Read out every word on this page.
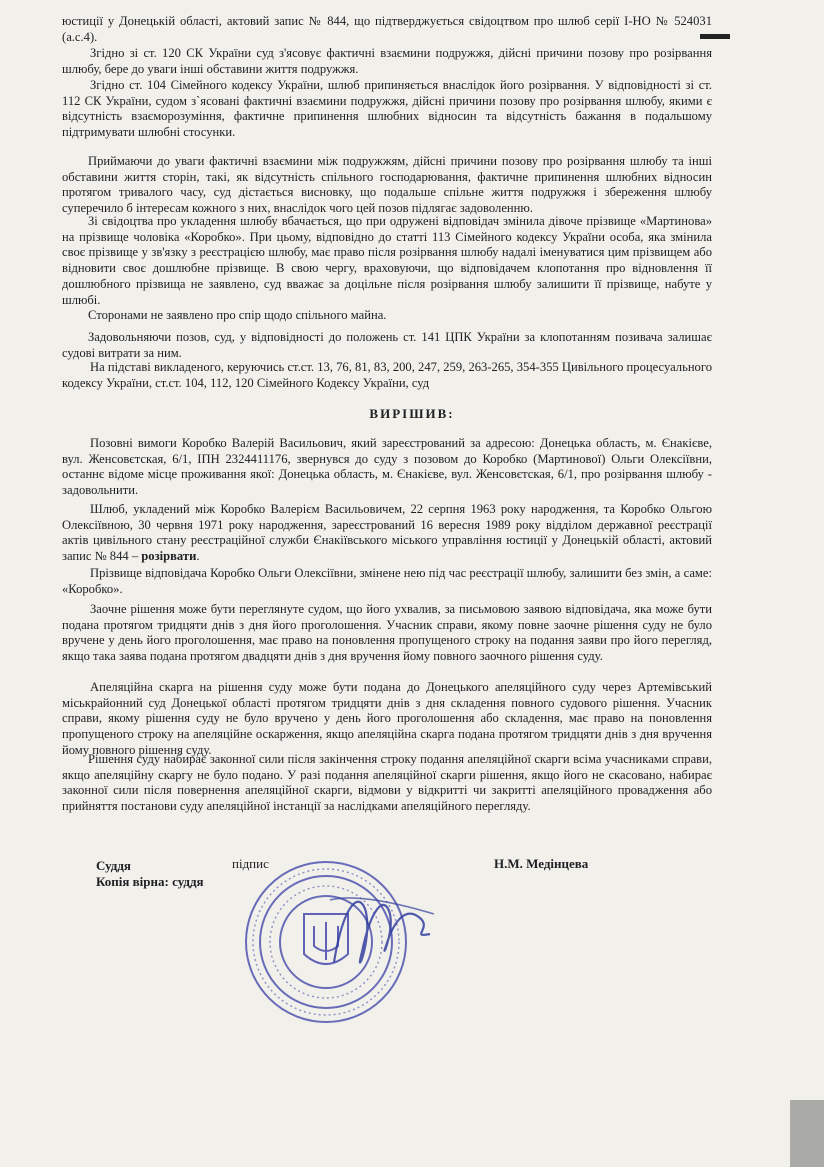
юстиції у Донецькій області, актовий запис № 844, що підтверджується свідоцтвом про шлюб серії І-НО № 524031 (а.с.4).

Згідно зі ст. 120 СК України суд з'ясовує фактичні взаємини подружжя, дійсні причини позову про розірвання шлюбу, бере до уваги інші обставини життя подружжя.

Згідно ст. 104 Сімейного кодексу України, шлюб припиняється внаслідок його розірвання. У відповідності зі ст. 112 СК України, судом з`ясовані фактичні взаємини подружжя, дійсні причини позову про розірвання шлюбу, якими є відсутність взаєморозуміння, фактичне припинення шлюбних відносин та відсутність бажання в подальшому підтримувати шлюбні стосунки.

Приймаючи до уваги фактичні взаємини між подружжям, дійсні причини позову про розірвання шлюбу та інші обставини життя сторін, такі, як відсутність спільного господарювання, фактичне припинення шлюбних відносин протягом тривалого часу, суд дістається висновку, що подальше спільне життя подружжя і збереження шлюбу суперечило б інтересам кожного з них, внаслідок чого цей позов підлягає задоволенню.

Зі свідоцтва про укладення шлюбу вбачається, що при одружені відповідач змінила дівоче прізвище «Мартинова» на прізвище чоловіка «Коробко». При цьому, відповідно до статті 113 Сімейного кодексу України особа, яка змінила своє прізвище у зв'язку з реєстрацією шлюбу, має право після розірвання шлюбу надалі іменуватися цим прізвищем або відновити своє дошлюбне прізвище. В свою чергу, враховуючи, що відповідачем клопотання про відновлення її дошлюбного прізвища не заявлено, суд вважає за доцільне після розірвання шлюбу залишити її прізвище, набуте у шлюбі.

Сторонами не заявлено про спір щодо спільного майна.

Задовольняючи позов, суд, у відповідності до положень ст. 141 ЦПК України за клопотанням позивача залишає судові витрати за ним.

На підставі викладеного, керуючись ст.ст. 13, 76, 81, 83, 200, 247, 259, 263-265, 354-355 Цивільного процесуального кодексу України, ст.ст. 104, 112, 120 Сімейного Кодексу України, суд

ВИРІШИВ:

Позовні вимоги Коробко Валерій Васильович, який зареєстрований за адресою: Донецька область, м. Єнакієве, вул. Женсовєтская, 6/1, ІПН 2324411176, звернувся до суду з позовом до Коробко (Мартинової) Ольги Олексіївни, останнє відоме місце проживання якої: Донецька область, м. Єнакієве, вул. Женсовєтская, 6/1, про розірвання шлюбу - задовольнити.

Шлюб, укладений між Коробко Валерієм Васильовичем, 22 серпня 1963 року народження, та Коробко Ольгою Олексіївною, 30 червня 1971 року народження, зареєстрований 16 вересня 1989 року відділом державної реєстрації актів цивільного стану реєстраційної служби Єнакіївського міського управління юстиції у Донецькій області, актовий запис № 844 – розірвати.

Прізвище відповідача Коробко Ольги Олексіївни, змінене нею під час реєстрації шлюбу, залишити без змін, а саме: «Коробко».

Заочне рішення може бути переглянуте судом, що його ухвалив, за письмовою заявою відповідача, яка може бути подана протягом тридцяти днів з дня його проголошення. Учасник справи, якому повне заочне рішення суду не було вручене у день його проголошення, має право на поновлення пропущеного строку на подання заяви про його перегляд, якщо така заява подана протягом двадцяти днів з дня вручення йому повного заочного рішення суду.

Апеляційна скарга на рішення суду може бути подана до Донецького апеляційного суду через Артемівський міськрайонний суд Донецької області протягом тридцяти днів з дня складення повного судового рішення. Учасник справи, якому рішення суду не було вручено у день його проголошення або складення, має право на поновлення пропущеного строку на апеляційне оскарження, якщо апеляційна скарга подана протягом тридцяти днів з дня вручення йому повного рішення суду.

Рішення суду набирає законної сили після закінчення строку подання апеляційної скарги всіма учасниками справи, якщо апеляційну скаргу не було подано. У разі подання апеляційної скарги рішення, якщо його не скасовано, набирає законної сили після повернення апеляційної скарги, відмови у відкритті чи закритті апеляційного провадження або прийняття постанови суду апеляційної інстанції за наслідками апеляційного перегляду.

Суддя	підпис
Копія вірна: суддя
Н.М. Медінцева
